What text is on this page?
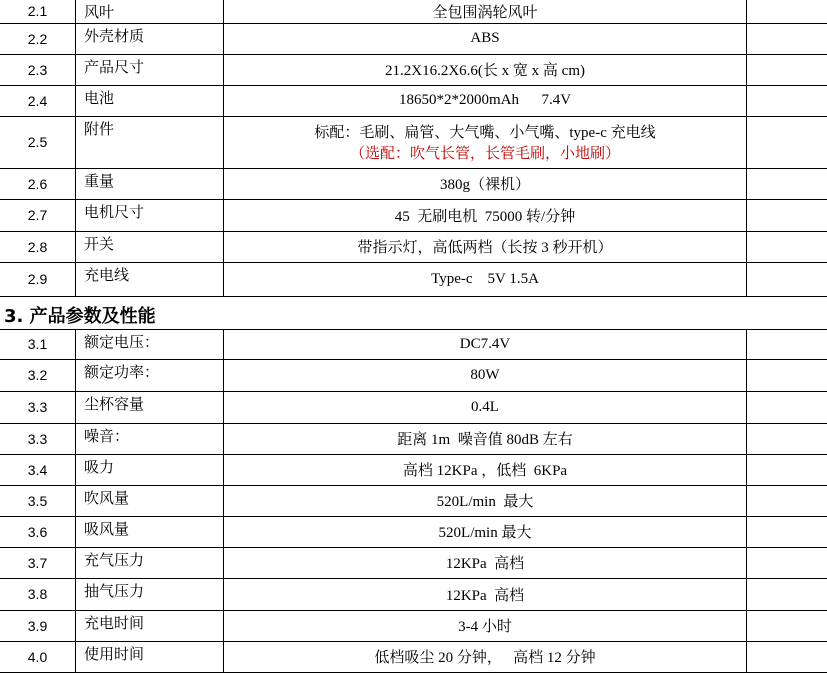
2.1	风叶	全包围涡轮风叶	
2.2	外壳材质	ABS	
2.3	产品尺寸	21.2X16.2X6.6(长 x 宽 x 高 cm)	
2.4	电池	18650*2*2000mAh      7.4V	
2.5	附件	标配：毛刷、扁管、大气嘴、小气嘴、type-c 充电线
（选配：吹气长管，长管毛刷，小地刷）	

2.6	重量	380g（裸机）	
2.7	电机尺寸	45  无刷电机  75000 转/分钟	
2.8	开关	带指示灯，高低两档（长按 3 秒开机）	
2.9	充电线	Type-c    5V 1.5A	
3. 产品参数及性能
3.1	额定电压：	DC7.4V	
3.2	额定功率：	80W	
3.3	尘杯容量	0.4L	
3.3	噪音：	距离 1m  噪音值 80dB 左右	
3.4	吸力	高档 12KPa ，低档  6KPa	
3.5	吹风量	520L/min  最大	
3.6	吸风量	520L/min 最大	
3.7	充气压力	12KPa  高档	
3.8	抽气压力	12KPa  高档	
3.9	充电时间	3-4 小时	
4.0	使用时间	低档吸尘 20 分钟，   高档 12 分钟	
